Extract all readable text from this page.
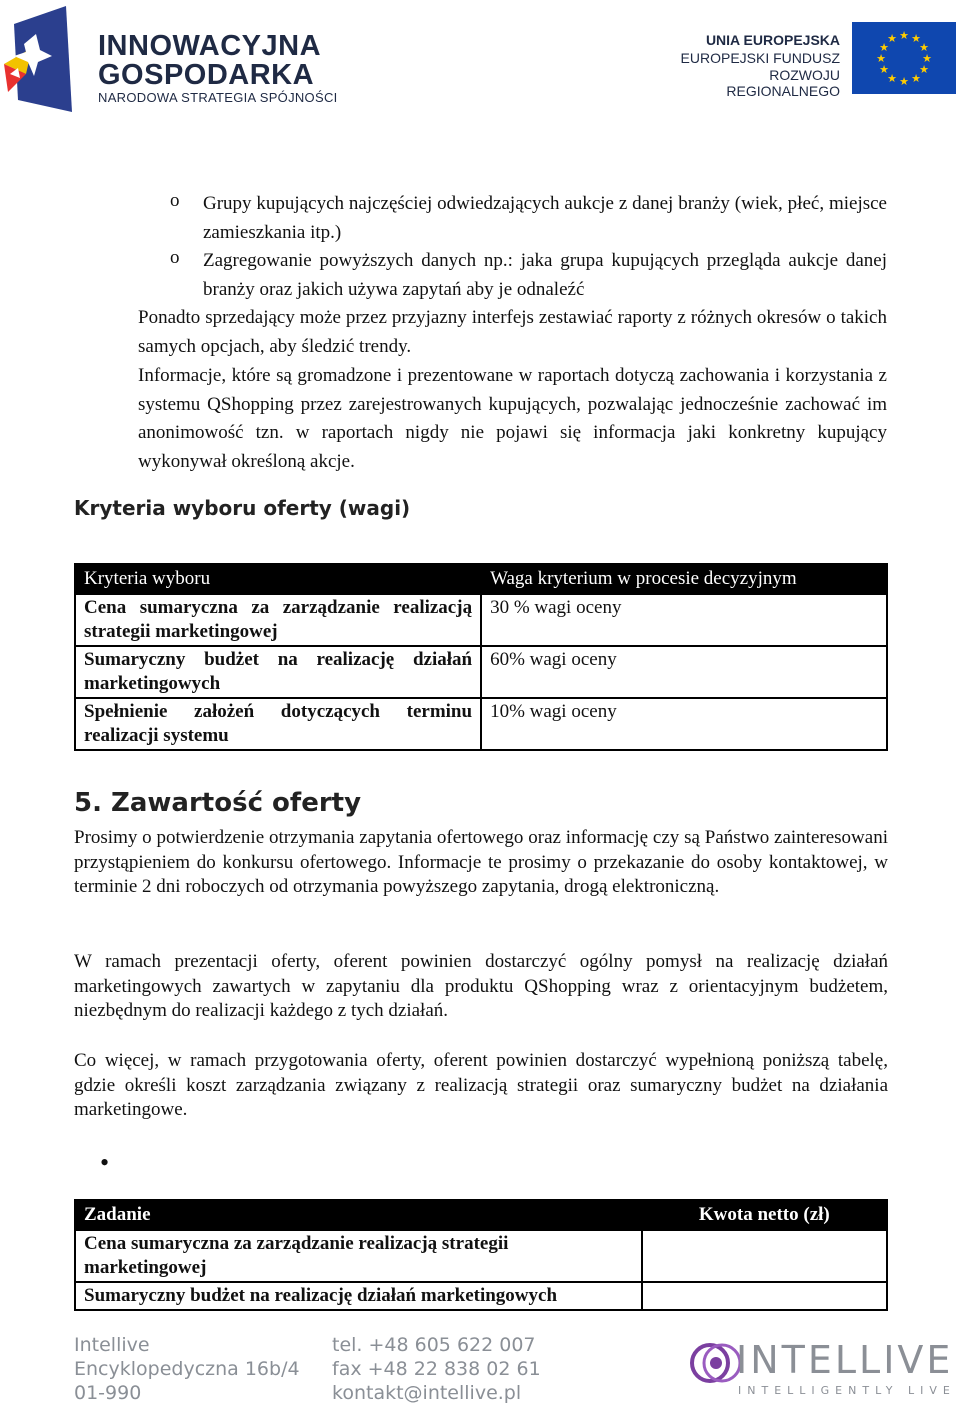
INNOWACYJNA
GOSPODARKA
NARODOWA STRATEGIA SPÓJNOŚCI
UNIA EUROPEJSKA
EUROPEJSKI FUNDUSZ
ROZWOJU REGIONALNEGO
★ ★
★
★
★
★
★
★
★
★
★
★
o Grupy kupujących najczęściej odwiedzających aukcje z danej branży (wiek, płeć, miejsce zamieszkania itp.)
o Zagregowanie powyższych danych np.: jaka grupa kupujących przegląda aukcje danej branży oraz jakich używa zapytań aby je odnaleźć
Ponadto sprzedający może przez przyjazny interfejs zestawiać raporty z różnych okresów o takich samych opcjach, aby śledzić trendy.
Informacje, które są gromadzone i prezentowane w raportach dotyczą zachowania i korzystania z systemu QShopping przez zarejestrowanych kupujących, pozwalając jednocześnie zachować im anonimowość tzn. w raportach nigdy nie pojawi się informacja jaki konkretny kupujący wykonywał określoną akcje.
Kryteria wyboru oferty (wagi)
Kryteria wyboru	Waga kryterium w procesie decyzyjnym
Cena sumaryczna za zarządzanie realizacją strategii marketingowej	30 % wagi oceny
Sumaryczny budżet na realizację działań marketingowych	60% wagi oceny
Spełnienie założeń dotyczących terminu realizacji systemu	10% wagi oceny
5. Zawartość oferty
Prosimy o potwierdzenie otrzymania zapytania ofertowego oraz informację czy są Państwo zainteresowani przystąpieniem do konkursu ofertowego. Informacje te prosimy o przekazanie do osoby kontaktowej, w terminie 2 dni roboczych od otrzymania powyższego zapytania, drogą elektroniczną.
W ramach prezentacji oferty, oferent powinien dostarczyć ogólny pomysł na realizację działań marketingowych zawartych w zapytaniu dla produktu QShopping wraz z orientacyjnym budżetem, niezbędnym do realizacji każdego z tych działań.
Co więcej, w ramach przygotowania oferty, oferent powinien dostarczyć wypełnioną poniższą tabelę, gdzie określi koszt zarządzania związany z realizacją strategii oraz sumaryczny budżet na działania marketingowe.
•
Zadanie	Kwota netto (zł)
Cena sumaryczna za zarządzanie realizacją strategii marketingowej	
Sumaryczny budżet na realizację działań marketingowych	
Intellive
Encyklopedyczna 16b/4
01-990
tel. +48 605 622 007
fax +48 22 838 02 61
kontakt@intellive.pl
INTELLIVE
INTELLIGENTLY LIVE
